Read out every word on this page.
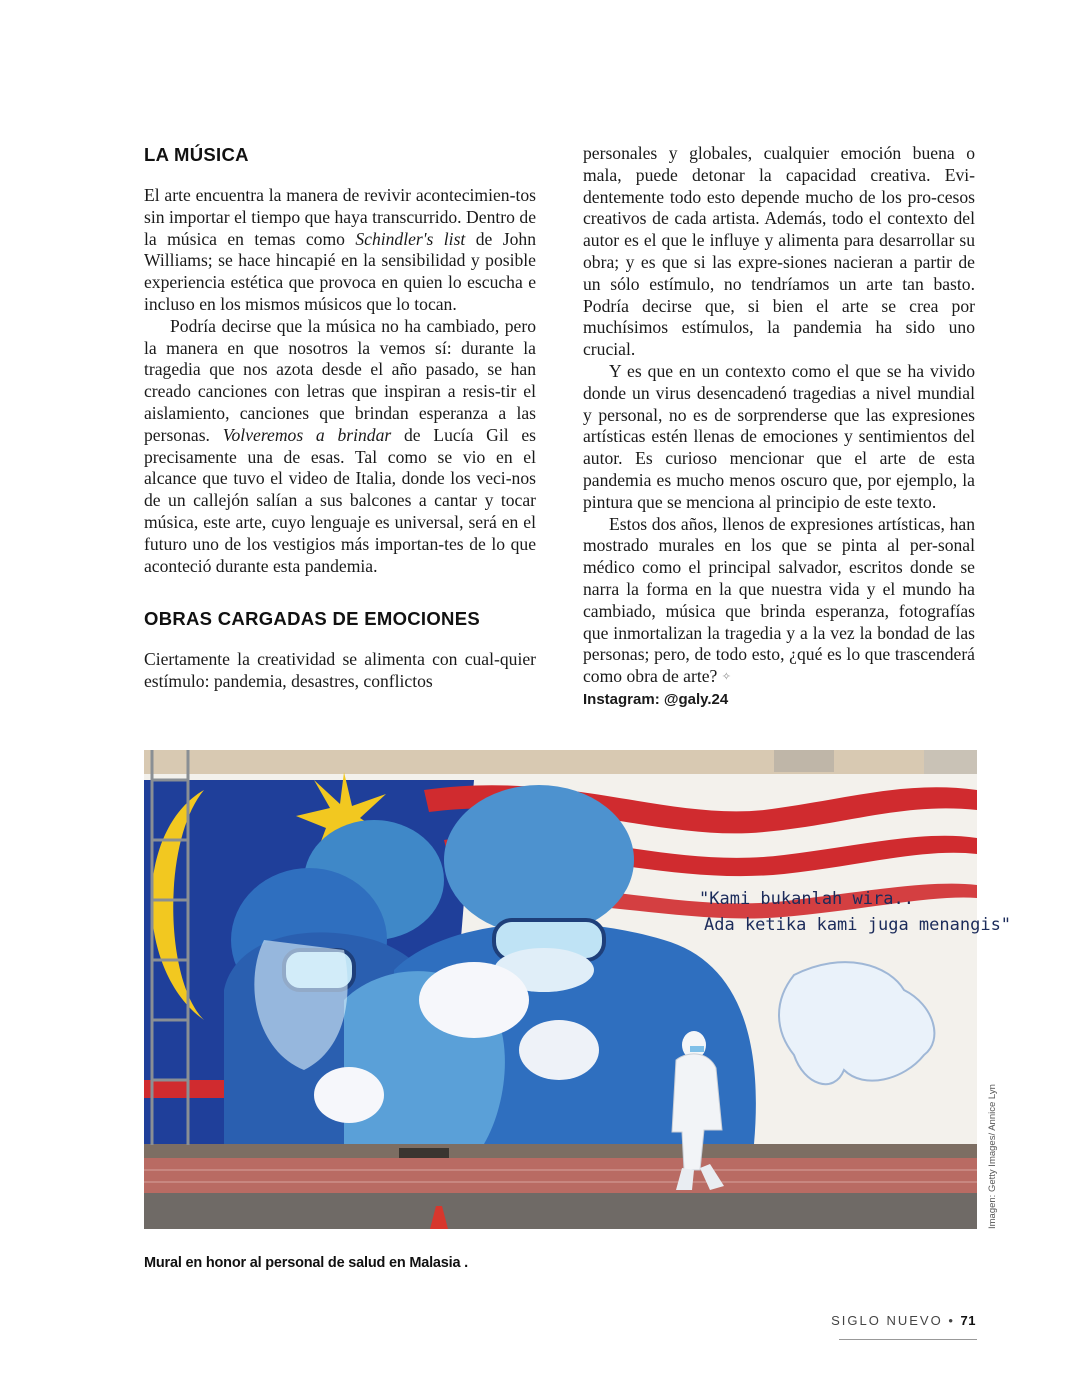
LA MÚSICA

El arte encuentra la manera de revivir acontecimien-tos sin importar el tiempo que haya transcurrido. Dentro de la música en temas como Schindler's list de John Williams; se hace hincapié en la sensibilidad y posible experiencia estética que provoca en quien lo escucha e incluso en los mismos músicos que lo tocan.

Podría decirse que la música no ha cambiado, pero la manera en que nosotros la vemos sí: durante la tragedia que nos azota desde el año pasado, se han creado canciones con letras que inspiran a resis-tir el aislamiento, canciones que brindan esperanza a las personas. Volveremos a brindar de Lucía Gil es precisamente una de esas. Tal como se vio en el alcance que tuvo el video de Italia, donde los veci-nos de un callejón salían a sus balcones a cantar y tocar música, este arte, cuyo lenguaje es universal, será en el futuro uno de los vestigios más importan-tes de lo que aconteció durante esta pandemia.

OBRAS CARGADAS DE EMOCIONES

Ciertamente la creatividad se alimenta con cual-quier estímulo: pandemia, desastres, conflictos

personales y globales, cualquier emoción buena o mala, puede detonar la capacidad creativa. Evi-dentemente todo esto depende mucho de los pro-cesos creativos de cada artista. Además, todo el contexto del autor es el que le influye y alimenta para desarrollar su obra; y es que si las expre-siones nacieran a partir de un sólo estímulo, no tendríamos un arte tan basto. Podría decirse que, si bien el arte se crea por muchísimos estímulos, la pandemia ha sido uno crucial.

Y es que en un contexto como el que se ha vivido donde un virus desencadenó tragedias a nivel mundial y personal, no es de sorprenderse que las expresiones artísticas estén llenas de emociones y sentimientos del autor. Es curioso mencionar que el arte de esta pandemia es mucho menos oscuro que, por ejemplo, la pintura que se menciona al principio de este texto.

Estos dos años, llenos de expresiones artísticas, han mostrado murales en los que se pinta al per-sonal médico como el principal salvador, escritos donde se narra la forma en la que nuestra vida y el mundo ha cambiado, música que brinda esperanza, fotografías que inmortalizan la tragedia y a la vez la bondad de las personas; pero, de todo esto, ¿qué es lo que trascenderá como obra de arte? ✧

Instagram: @galy.24
"Kami bukanlah wira..
Ada ketika kami juga menangis"
Imagen: Getty Images/ Annice Lyn
Mural en honor al personal de salud en Malasia .
SIGLO NUEVO • 71
